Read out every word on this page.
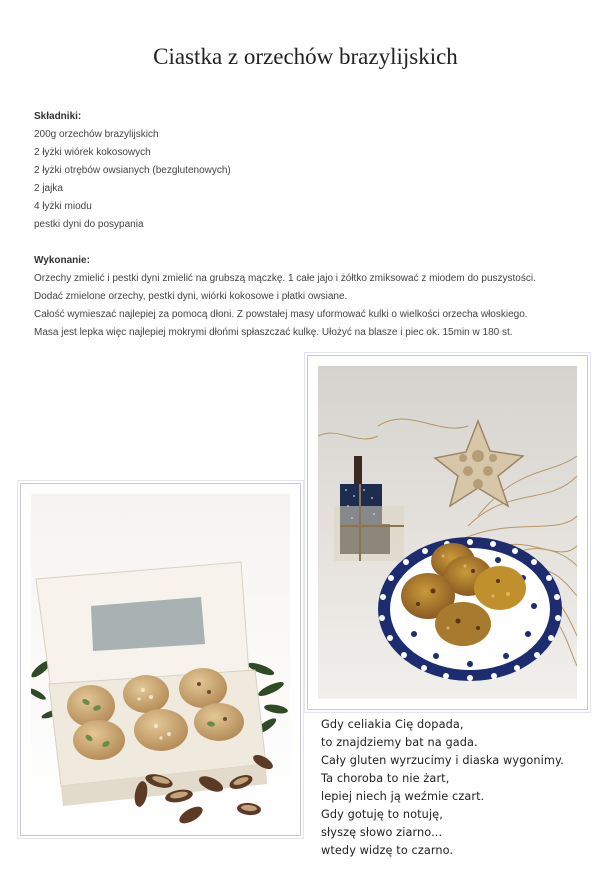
Ciastka z orzechów brazylijskich
Składniki:
200g orzechów brazylijskich
2 łyżki wiórek kokosowych
2 łyżki otrębów owsianych (bezglutenowych)
2 jajka
4 łyżki miodu
pestki dyni do posypania
Wykonanie:
Orzechy zmielić i pestki dyni zmielić na grubszą mączkę. 1 całe jajo i żółtko zmiksować z miodem do puszystości.
Dodać zmielone orzechy, pestki dyni, wiórki kokosowe i płatki owsiane.
Całość wymieszać najlepiej za pomocą dłoni. Z powstałej masy uformować kulki o wielkości orzecha włoskiego.
Masa jest lepka więc najlepiej mokrymi dłońmi spłaszczać kulkę. Ułożyć na blasze i piec ok. 15min w 180 st.
Gdy celiakia Cię dopada,
to znajdziemy bat na gada.
Cały gluten wyrzucimy i diaska wygonimy.
Ta choroba to nie żart,
lepiej niech ją weźmie czart.
Gdy gotuję to notuję,
słyszę słowo ziarno...
wtedy widzę to czarno.
